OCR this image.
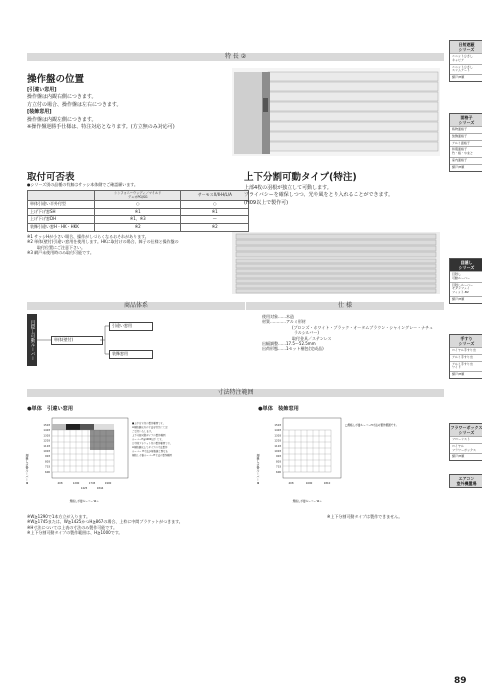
特 長 ②
操作盤の位置
[引違い窓用]
操作盤は内観右側につきます。
方立付の場合、操作盤は左右につきます。
[装飾窓用]
操作盤は内観左側につきます。
※操作盤逆勝手仕様は、特注対応となります。(方立無のみ対応可)
取付可否表
●シリーズ別の品種の有無はサッシ本体側でご確認願います。
	シンフォニーウッディ／マイルド
デュオPG/SG	サーモスX/Ⅱ-H/L/A
単体引違い半外付型	○	○
上げ下げ窓SH	※1	※1
上げ下げ窓DH	※1、※3	—
装飾引違い窓H・HK・HKK	※2	※2
※1 サッシHが小さい場合、操作がしづらくなるおそれがあります。
※2 単体(壁付)引違い窓用を使用します。HKに取付けの場合、障子の仕様と操作盤の
取付位置にご注意下さい。
※3 網戸未使用時のみ取付可能です。
上下分割可動タイプ(特注)
上部4枚の羽根が独立して可動します。
プライバシーを確保しつつ、光や風をとり入れることができます。
(H09以上で製作可)
商品体系	仕 様
目隠し可動ルーバー	単体(壁付)
引違い窓用
装飾窓用
使用対象……木造
材質…………アルミ形材
(ブロンズ・ホワイト・ブラック・オータムブラウン・シャイングレー・ナチュ
ラルシルバー)
取付金具／ステンレス
出幅調整……17.5～52.5mm
出荷形態……1セット梱包(完成品)
寸法特注範囲
●単体　引違い窓用	●単体　装飾窓用
規格しポ掛ルーバー H
1503
1403
1303
1203
1103
1003
903
803
733
600
408	1290	1745	1900
1425	1844
規格しポ掛ルーバー W→
■上中方立付の製作範囲です。
※規格値以外の寸法を特注にてお
ご受付いたします。
上下分割可動タイプの製作範囲
ルーバーH≧1000以下 です。
□中間ブラケット付の製作範囲です。
※規格値以上でタイプの寸法製作
ルーバー H寸法が規格値と異なる
規格しポ掛ルーバーH寸法の製作範囲	規格しポ掛ルーバー H
1503
1403
1303
1203
1103
1003
903
803
733
600
408	1690	1810
規格しポ掛ルーバー W→
□規格しポ掛ルーバーH寸法の製作範囲です。
※W≧1290で1本方立が入ります。
※W≧1745または、W≧1425かつH≧867の場合、上枠に中間ブラケットがつきます。
※H寸法については上表の寸法のみ製作可能です。
※上下分割可動タイプの製作範囲は、H≧1000です。
※上下分割可動タイプは製作できません。
日射遮蔽
シリーズ
ユニットひさし
キャビア
ユニットひさし
スリムアート
網戸/H順
面格子
シリーズ
鋳物面格子
装飾面格子
アルミ面格子
和風面格子
竹・格・やまと
室内面格子
網戸/H順
目隠し
シリーズ
目隠し
可動ルーバー
目隠しルーバー
モダンフェイ
フィット-B2
網戸/H順
手すり
シリーズ
ロイヤル手すり出
アルミ手すり出
アルミ手すり出
ワイド
網戸/H順
フラワーボックス
シリーズ
フローリスト
ロイヤル
フラワーボックス
網戸/H順
エアコン
室外機置場
89
